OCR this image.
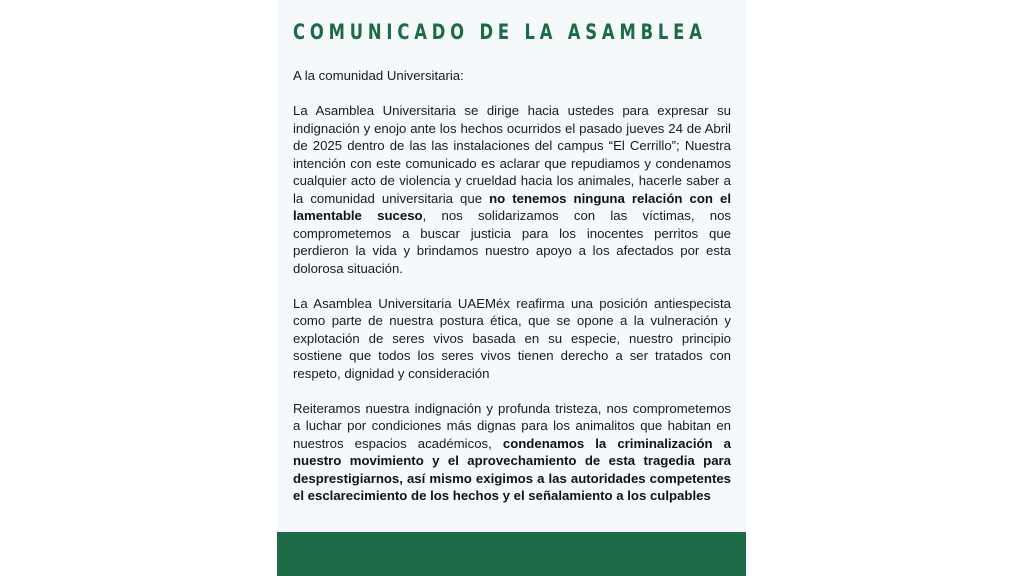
COMUNICADO DE LA ASAMBLEA

A la comunidad Universitaria:

La Asamblea Universitaria se dirige hacia ustedes para expresar su indignación y enojo ante los hechos ocurridos el pasado jueves 24 de Abril de 2025 dentro de las las instalaciones del campus “El Cerrillo”; Nuestra intención con este comunicado es aclarar que repudiamos y condenamos cualquier acto de violencia y crueldad hacia los animales, hacerle saber a la comunidad universitaria que no tenemos ninguna relación con el lamentable suceso, nos solidarizamos con las víctimas, nos comprometemos a buscar justicia para los inocentes perritos que perdieron la vida y brindamos nuestro apoyo a los afectados por esta dolorosa situación.

La Asamblea Universitaria UAEMéx reafirma una posición antiespecista como parte de nuestra postura ética, que se opone a la vulneración y explotación de seres vivos basada en su especie, nuestro principio sostiene que todos los seres vivos tienen derecho a ser tratados con respeto, dignidad y consideración

Reiteramos nuestra indignación y profunda tristeza, nos comprometemos a luchar por condiciones más dignas para los animalitos que habitan en nuestros espacios académicos, condenamos la criminalización a nuestro movimiento y el aprovechamiento de esta tragedia para desprestigiarnos, así mismo exigimos a las autoridades competentes el esclarecimiento de los hechos y el señalamiento a los culpables
